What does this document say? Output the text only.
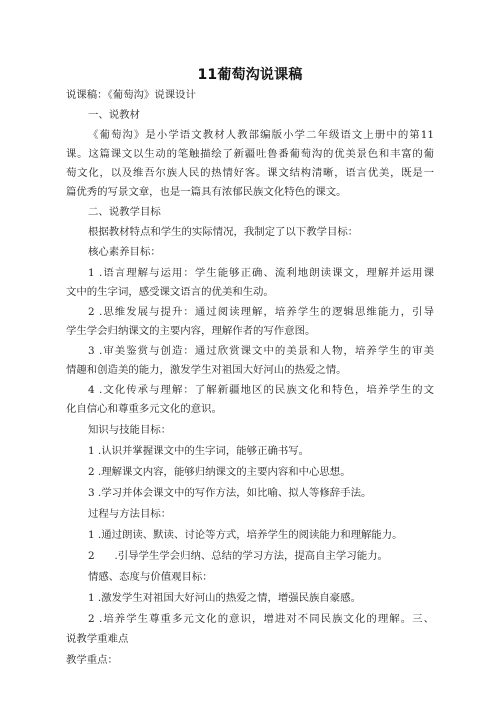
11葡萄沟说课稿
说课稿：《葡萄沟》说课设计
一、说教材
《葡萄沟》是小学语文教材人教部编版小学二年级语文上册中的第11
课。这篇课文以生动的笔触描绘了新疆吐鲁番葡萄沟的优美景色和丰富的葡
萄文化，以及维吾尔族人民的热情好客。课文结构清晰，语言优美，既是一
篇优秀的写景文章，也是一篇具有浓郁民族文化特色的课文。
二、说教学目标
根据教材特点和学生的实际情况，我制定了以下教学目标：
核心素养目标：
1 .语言理解与运用：学生能够正确、流利地朗读课文，理解并运用课
文中的生字词，感受课文语言的优美和生动。
2 .思维发展与提升：通过阅读理解，培养学生的逻辑思维能力，引导
学生学会归纳课文的主要内容，理解作者的写作意图。
3 .审美鉴赏与创造：通过欣赏课文中的美景和人物，培养学生的审美
情趣和创造美的能力，激发学生对祖国大好河山的热爱之情。
4 .文化传承与理解：了解新疆地区的民族文化和特色，培养学生的文
化自信心和尊重多元文化的意识。
知识与技能目标：
1 .认识并掌握课文中的生字词，能够正确书写。
2 .理解课文内容，能够归纳课文的主要内容和中心思想。
3 .学习并体会课文中的写作方法，如比喻、拟人等修辞手法。
过程与方法目标：
1 .通过朗读、默读、讨论等方式，培养学生的阅读能力和理解能力。
2      .引导学生学会归纳、总结的学习方法，提高自主学习能力。
情感、态度与价值观目标：
1 .激发学生对祖国大好河山的热爱之情，增强民族自豪感。
2 .培养学生尊重多元文化的意识，增进对不同民族文化的理解。三、
说教学重难点
教学重点：
